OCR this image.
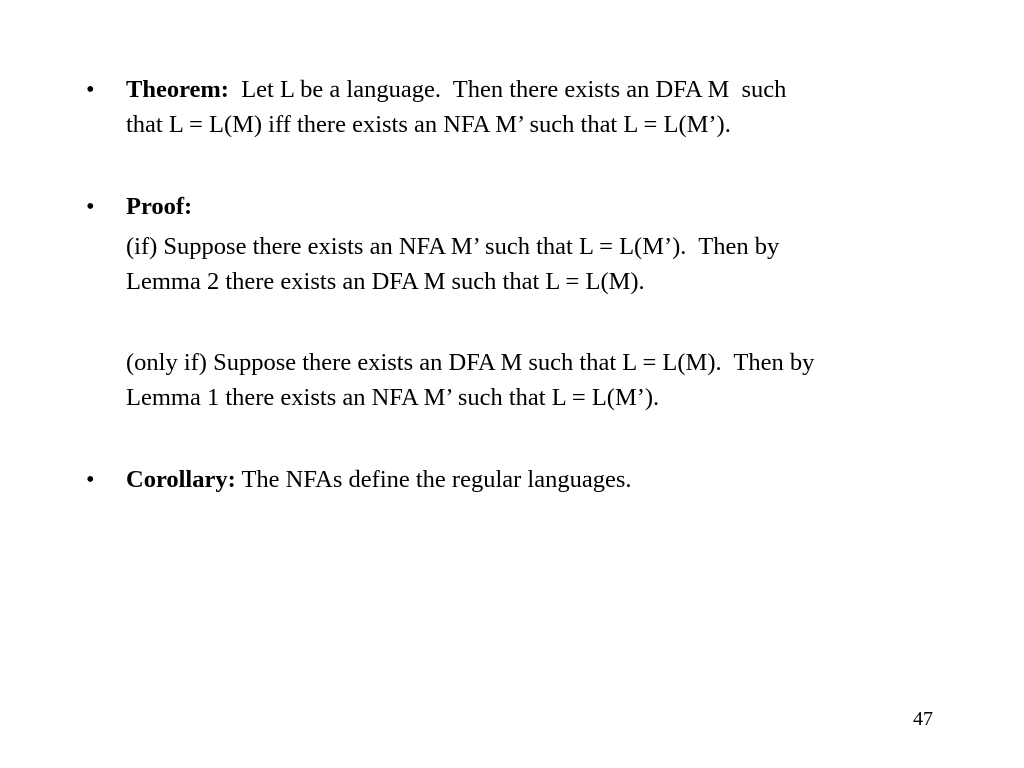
• Theorem:  Let L be a language.  Then there exists an DFA M  such
that L = L(M) iff there exists an NFA M’ such that L = L(M’).
• Proof:
(if) Suppose there exists an NFA M’ such that L = L(M’).  Then by
Lemma 2 there exists an DFA M such that L = L(M).
(only if) Suppose there exists an DFA M such that L = L(M).  Then by
Lemma 1 there exists an NFA M’ such that L = L(M’).
• Corollary: The NFAs define the regular languages.
47
